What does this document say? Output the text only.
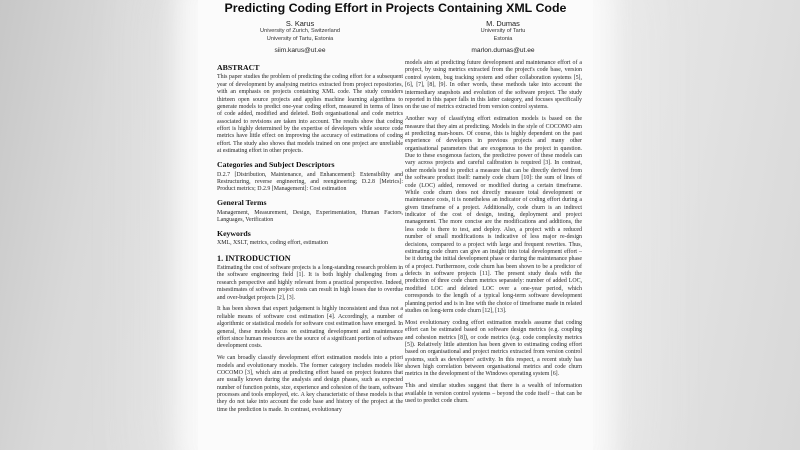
Predicting Coding Effort in Projects Containing XML Code
S. Karus
University of Zurich, Switzerland
University of Tartu, Estonia
siim.karus@ut.ee
M. Dumas
University of Tartu
Estonia
marlon.dumas@ut.ee
ABSTRACT

This paper studies the problem of predicting the coding effort for a subsequent year of development by analysing metrics extracted from project repositories, with an emphasis on projects containing XML code. The study considers thirteen open source projects and applies machine learning algorithms to generate models to predict one-year coding effort, measured in terms of lines of code added, modified and deleted. Both organisational and code metrics associated to revisions are taken into account. The results show that coding effort is highly determined by the expertise of developers while source code metrics have little effect on improving the accuracy of estimations of coding effort. The study also shows that models trained on one project are unreliable at estimating effort in other projects.

Categories and Subject Descriptors

D.2.7 [Distribution, Maintenance, and Enhancement]: Extensibility and Restructuring, reverse engineering, and reengineering; D.2.8 [Metrics]: Product metrics; D.2.9 [Management]: Cost estimation

General Terms

Management, Measurement, Design, Experimentation, Human Factors, Languages, Verification

Keywords

XML, XSLT, metrics, coding effort, estimation

1. INTRODUCTION

Estimating the cost of software projects is a long-standing research problem in the software engineering field [1]. It is both highly challenging from a research perspective and highly relevant from a practical perspective. Indeed, misestimates of software project costs can result in high losses due to overdue and over-budget projects [2], [3].

It has been shown that expert judgement is highly inconsistent and thus not a reliable means of software cost estimation [4]. Accordingly, a number of algorithmic or statistical models for software cost estimation have emerged. In general, these models focus on estimating development and maintenance effort since human resources are the source of a significant portion of software development costs.

We can broadly classify development effort estimation models into a priori models and evolutionary models. The former category includes models like COCOMO [3], which aim at predicting effort based on project features that are usually known during the analysis and design phases, such as expected number of function points, size, experience and cohesion of the team, software processes and tools employed, etc. A key characteristic of these models is that they do not take into account the code base and history of the project at the time the prediction is made. In contrast, evolutionary

models aim at predicting future development and maintenance effort of a project, by using metrics extracted from the project's code base, version control system, bug tracking system and other collaboration systems [5], [6], [7], [8], [9]. In other words, these methods take into account the intermediary snapshots and evolution of the software project. The study reported in this paper falls in this latter category, and focuses specifically on the use of metrics extracted from version control systems.

Another way of classifying effort estimation models is based on the measure that they aim at predicting. Models in the style of COCOMO aim at predicting man-hours. Of course, this is highly dependent on the past experience of developers in previous projects and many other organisational parameters that are exogenous to the project in question. Due to these exogenous factors, the predictive power of these models can vary across projects and careful calibration is required [3]. In contrast, other models tend to predict a measure that can be directly derived from the software product itself: namely code churn [10]: the sum of lines of code (LOC) added, removed or modified during a certain timeframe. While code churn does not directly measure total development or maintenance costs, it is nonetheless an indicator of coding effort during a given timeframe of a project. Additionally, code churn is an indirect indicator of the cost of design, testing, deployment and project management. The more concise are the modifications and additions, the less code is there to test, and deploy. Also, a project with a reduced number of small modifications is indicative of less major re-design decisions, compared to a project with large and frequent rewrites. Thus, estimating code churn can give an insight into total development effort – be it during the initial development phase or during the maintenance phase of a project. Furthermore, code churn has been shown to be a predictor of defects in software projects [11]. The present study deals with the prediction of three code churn metrics separately: number of added LOC, modified LOC and deleted LOC over a one-year period, which corresponds to the length of a typical long-term software development planning period and is in line with the choice of timeframe made in related studies on long-term code churn [12], [13].

Most evolutionary coding effort estimation models assume that coding effort can be estimated based on software design metrics (e.g. coupling and cohesion metrics [8]), or code metrics (e.g. code complexity metrics [5]). Relatively little attention has been given to estimating coding effort based on organisational and project metrics extracted from version control systems, such as developers' activity. In this respect, a recent study has shown high correlation between organisational metrics and code churn metrics in the development of the Windows operating system [6].

This and similar studies suggest that there is a wealth of information available in version control systems – beyond the code itself – that can be used to predict code churn.
